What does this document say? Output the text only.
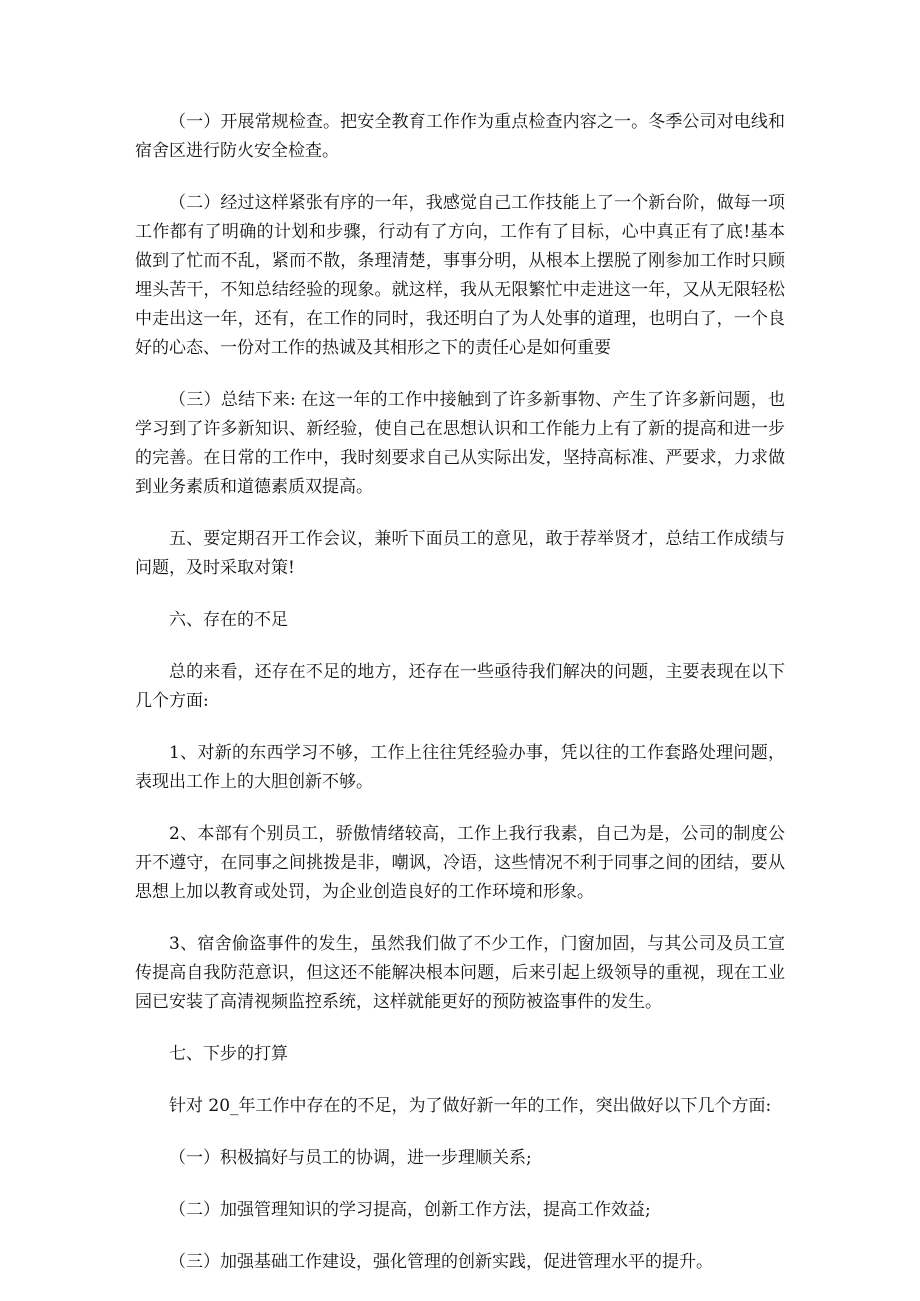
（一）开展常规检查。把安全教育工作作为重点检查内容之一。冬季公司对电线和宿舍区进行防火安全检查。

（二）经过这样紧张有序的一年，我感觉自己工作技能上了一个新台阶，做每一项工作都有了明确的计划和步骤，行动有了方向，工作有了目标，心中真正有了底!基本做到了忙而不乱，紧而不散，条理清楚，事事分明，从根本上摆脱了刚参加工作时只顾埋头苦干，不知总结经验的现象。就这样，我从无限繁忙中走进这一年，又从无限轻松中走出这一年，还有，在工作的同时，我还明白了为人处事的道理，也明白了，一个良好的心态、一份对工作的热诚及其相形之下的责任心是如何重要

（三）总结下来: 在这一年的工作中接触到了许多新事物、产生了许多新问题，也学习到了许多新知识、新经验，使自己在思想认识和工作能力上有了新的提高和进一步的完善。在日常的工作中，我时刻要求自己从实际出发，坚持高标准、严要求，力求做到业务素质和道德素质双提高。

五、要定期召开工作会议，兼听下面员工的意见，敢于荐举贤才，总结工作成绩与问题，及时采取对策!

六、存在的不足

总的来看，还存在不足的地方，还存在一些亟待我们解决的问题，主要表现在以下几个方面:

1、对新的东西学习不够，工作上往往凭经验办事，凭以往的工作套路处理问题，表现出工作上的大胆创新不够。

2、本部有个别员工，骄傲情绪较高，工作上我行我素，自己为是，公司的制度公开不遵守，在同事之间挑拨是非，嘲讽，冷语，这些情况不利于同事之间的团结，要从思想上加以教育或处罚，为企业创造良好的工作环境和形象。

3、宿舍偷盗事件的发生，虽然我们做了不少工作，门窗加固，与其公司及员工宣传提高自我防范意识，但这还不能解决根本问题，后来引起上级领导的重视，现在工业园已安装了高清视频监控系统，这样就能更好的预防被盗事件的发生。

七、下步的打算

针对 20_年工作中存在的不足，为了做好新一年的工作，突出做好以下几个方面:

（一）积极搞好与员工的协调，进一步理顺关系;

（二）加强管理知识的学习提高，创新工作方法，提高工作效益;

（三）加强基础工作建设，强化管理的创新实践，促进管理水平的提升。
